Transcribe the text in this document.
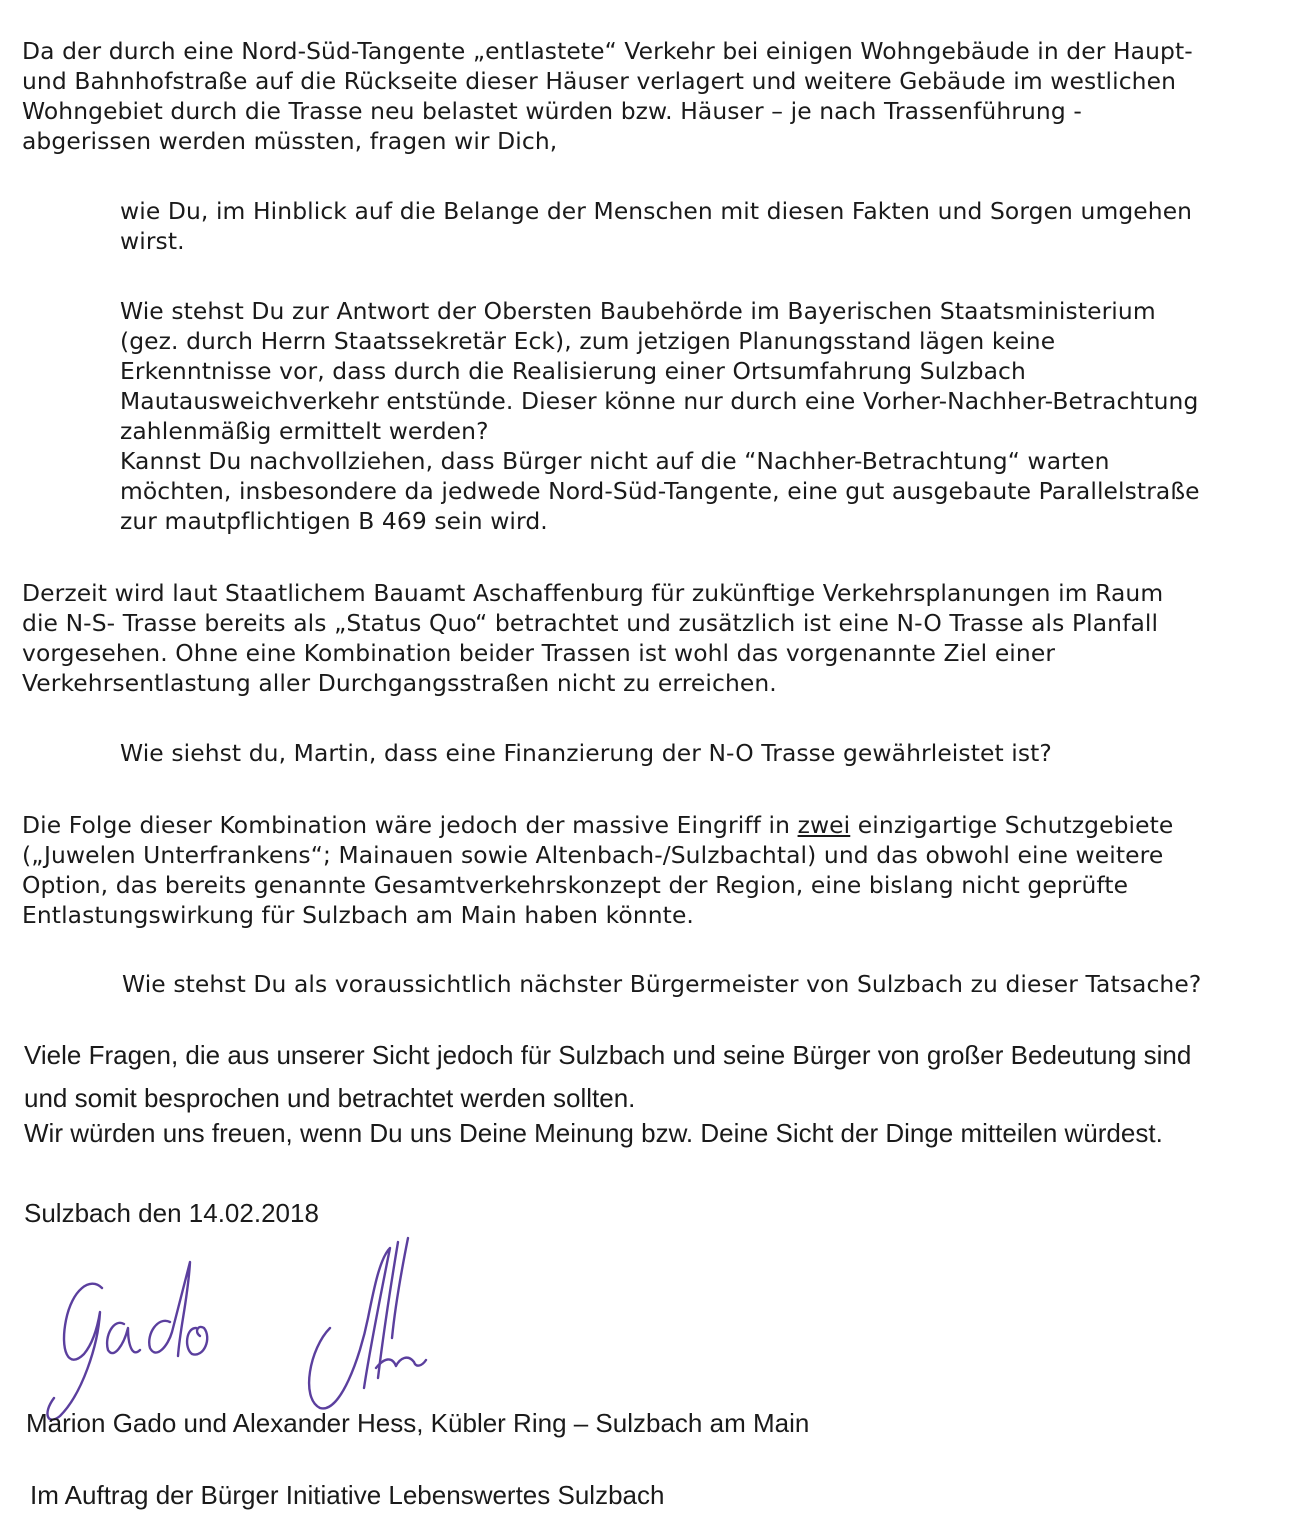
Da der durch eine Nord-Süd-Tangente „entlastete“ Verkehr bei einigen Wohngebäude in der Haupt-
und Bahnhofstraße auf die Rückseite dieser Häuser verlagert und weitere Gebäude im westlichen
Wohngebiet durch die Trasse neu belastet würden bzw. Häuser – je nach Trassenführung -
abgerissen werden müssten, fragen wir Dich,
wie Du, im Hinblick auf die Belange der Menschen mit diesen Fakten und Sorgen umgehen
wirst.
Wie stehst Du zur Antwort der Obersten Baubehörde im Bayerischen Staatsministerium
(gez. durch Herrn Staatssekretär Eck), zum jetzigen Planungsstand lägen keine
Erkenntnisse vor, dass durch die Realisierung einer Ortsumfahrung Sulzbach
Mautausweichverkehr entstünde. Dieser könne nur durch eine Vorher-Nachher-Betrachtung
zahlenmäßig ermittelt werden?
Kannst Du nachvollziehen, dass Bürger nicht auf die “Nachher-Betrachtung“ warten
möchten, insbesondere da jedwede Nord-Süd-Tangente, eine gut ausgebaute Parallelstraße
zur mautpflichtigen B 469 sein wird.
Derzeit wird laut Staatlichem Bauamt Aschaffenburg für zukünftige Verkehrsplanungen im Raum
die N-S- Trasse bereits als „Status Quo“ betrachtet und zusätzlich ist eine N-O Trasse als Planfall
vorgesehen. Ohne eine Kombination beider Trassen ist wohl das vorgenannte Ziel einer
Verkehrsentlastung aller Durchgangsstraßen nicht zu erreichen.
Wie siehst du, Martin, dass eine Finanzierung der N-O Trasse gewährleistet ist?
Die Folge dieser Kombination wäre jedoch der massive Eingriff in zwei einzigartige Schutzgebiete
(„Juwelen Unterfrankens“; Mainauen sowie Altenbach-/Sulzbachtal) und das obwohl eine weitere
Option, das bereits genannte Gesamtverkehrskonzept der Region, eine bislang nicht geprüfte
Entlastungswirkung für Sulzbach am Main haben könnte.
Wie stehst Du als voraussichtlich nächster Bürgermeister von Sulzbach zu dieser Tatsache?
Viele Fragen, die aus unserer Sicht jedoch für Sulzbach und seine Bürger von großer Bedeutung sind
und somit besprochen und betrachtet werden sollten.
Wir würden uns freuen, wenn Du uns Deine Meinung bzw. Deine Sicht der Dinge mitteilen würdest.
Sulzbach den 14.02.2018
Marion Gado und Alexander Hess, Kübler Ring – Sulzbach am Main
Im Auftrag der Bürger Initiative Lebenswertes Sulzbach
